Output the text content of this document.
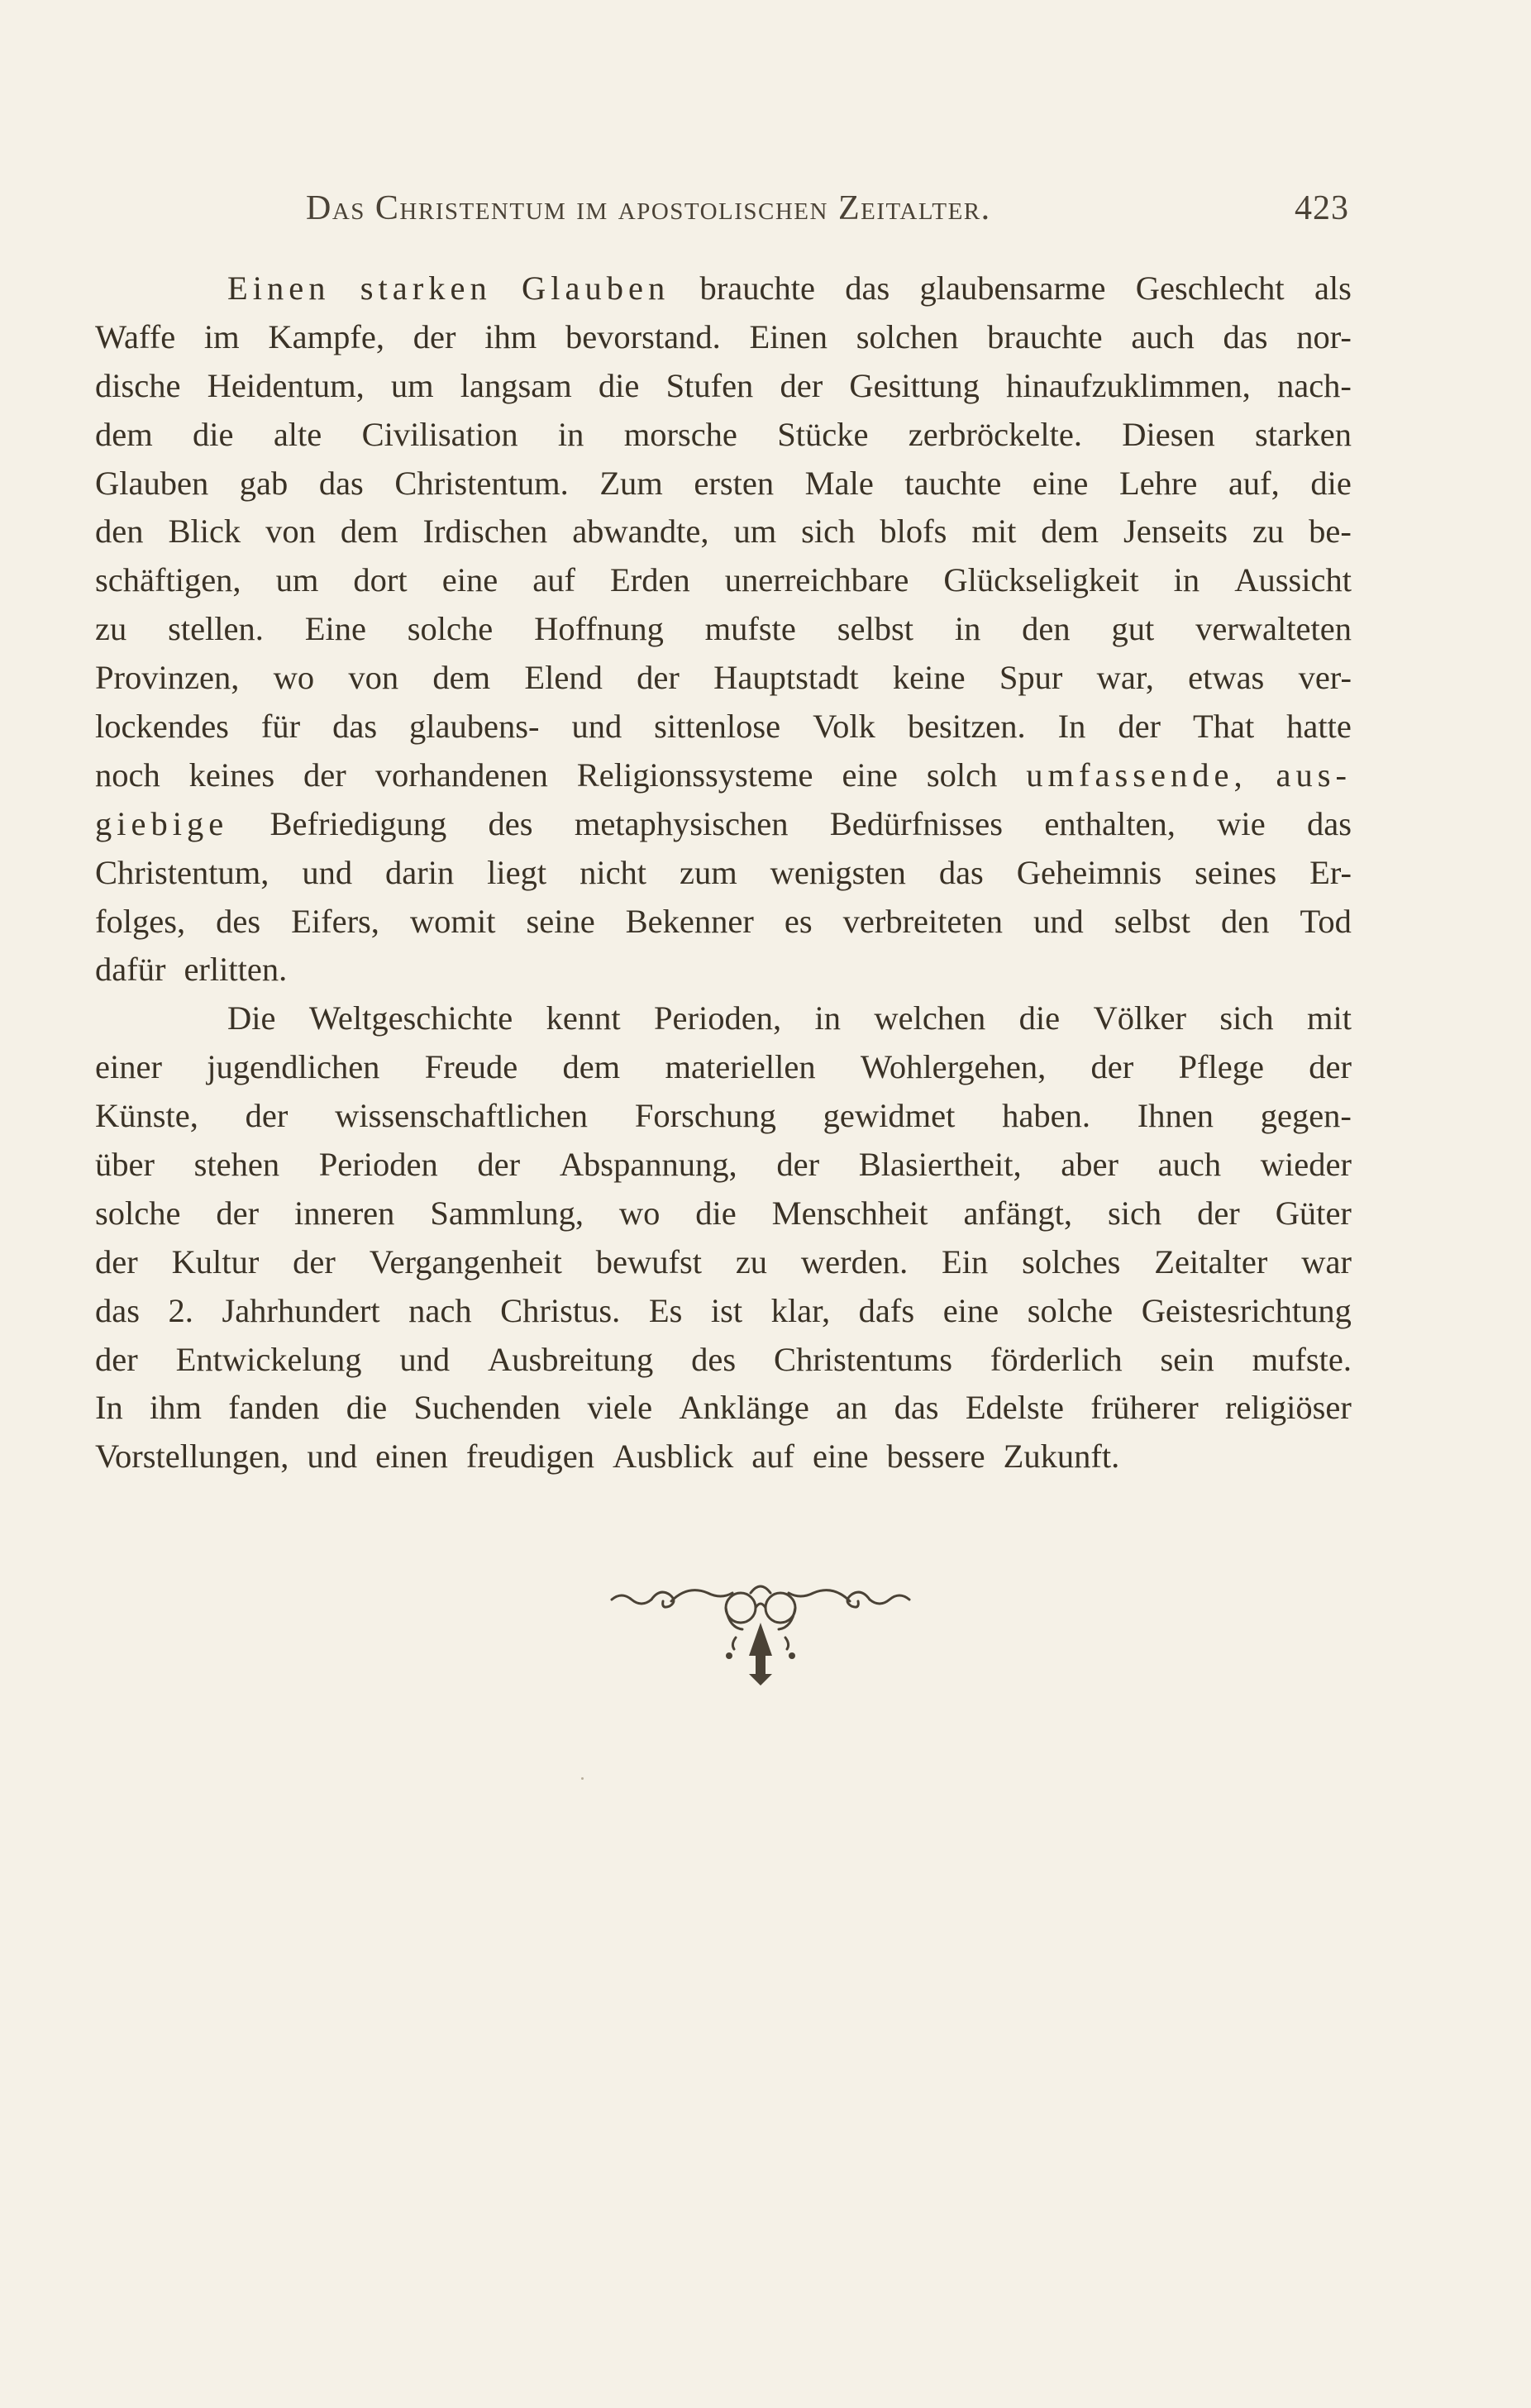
Das Christentum im apostolischen Zeitalter.	423
Einen starken Glauben brauchte das glaubensarme Geschlecht als
Waffe im Kampfe, der ihm bevorstand. Einen solchen brauchte auch das nor-
dische Heidentum, um langsam die Stufen der Gesittung hinaufzuklimmen, nach-
dem die alte Civilisation in morsche Stücke zerbröckelte. Diesen starken
Glauben gab das Christentum. Zum ersten Male tauchte eine Lehre auf, die
den Blick von dem Irdischen abwandte, um sich blofs mit dem Jenseits zu be-
schäftigen, um dort eine auf Erden unerreichbare Glückseligkeit in Aussicht
zu stellen. Eine solche Hoffnung mufste selbst in den gut verwalteten
Provinzen, wo von dem Elend der Hauptstadt keine Spur war, etwas ver-
lockendes für das glaubens- und sittenlose Volk besitzen. In der That hatte
noch keines der vorhandenen Religionssysteme eine solch umfassende, aus-
giebige Befriedigung des metaphysischen Bedürfnisses enthalten, wie das
Christentum, und darin liegt nicht zum wenigsten das Geheimnis seines Er-
folges, des Eifers, womit seine Bekenner es verbreiteten und selbst den Tod
dafür erlitten.
Die Weltgeschichte kennt Perioden, in welchen die Völker sich mit
einer jugendlichen Freude dem materiellen Wohlergehen, der Pflege der
Künste, der wissenschaftlichen Forschung gewidmet haben. Ihnen gegen-
über stehen Perioden der Abspannung, der Blasiertheit, aber auch wieder
solche der inneren Sammlung, wo die Menschheit anfängt, sich der Güter
der Kultur der Vergangenheit bewufst zu werden. Ein solches Zeitalter war
das 2. Jahrhundert nach Christus. Es ist klar, dafs eine solche Geistesrichtung
der Entwickelung und Ausbreitung des Christentums förderlich sein mufste.
In ihm fanden die Suchenden viele Anklänge an das Edelste früherer religiöser
Vorstellungen, und einen freudigen Ausblick auf eine bessere Zukunft.
